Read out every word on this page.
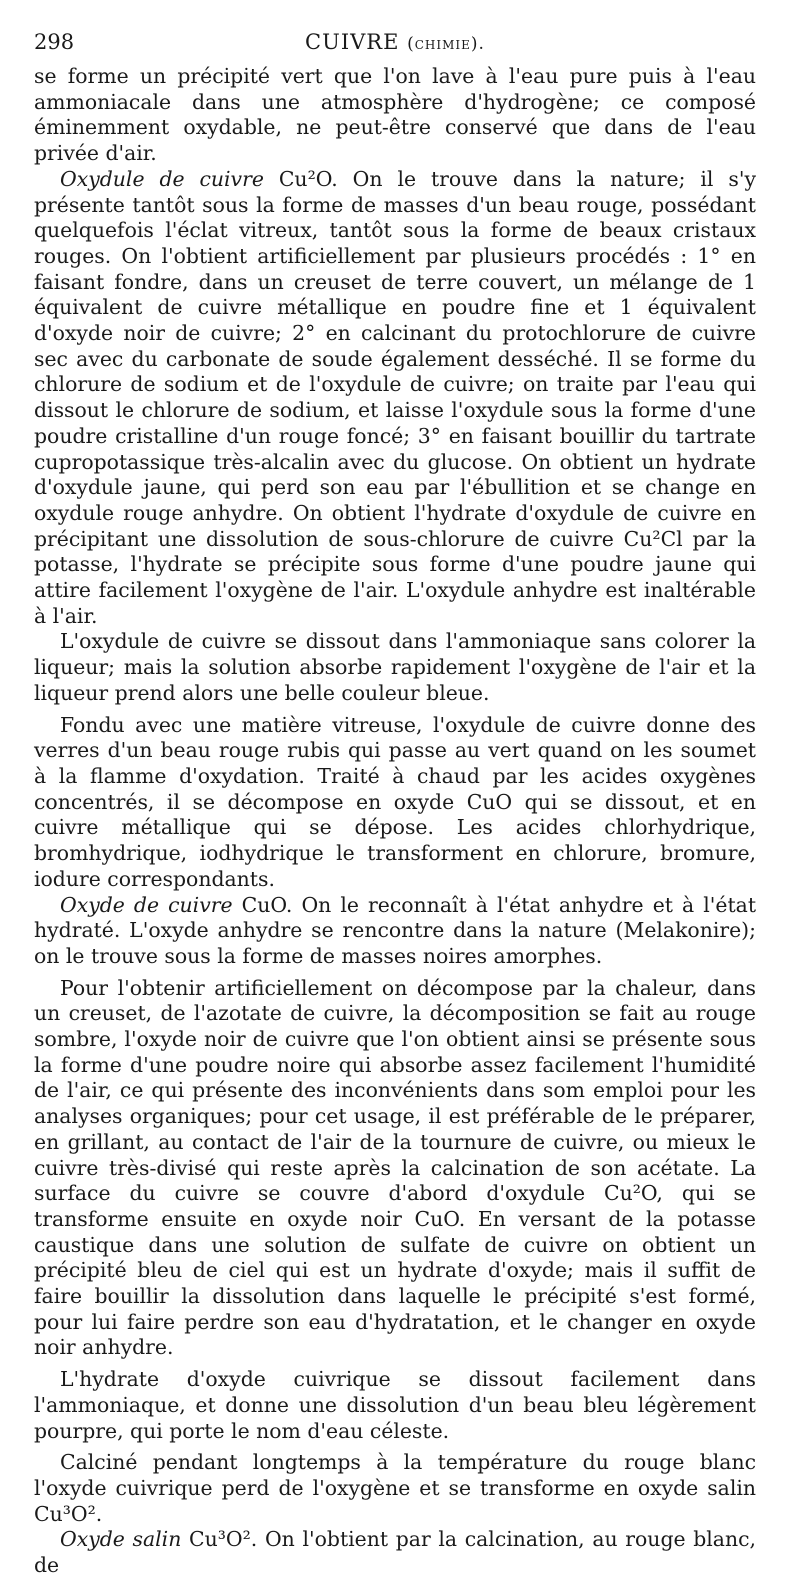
298	CUIVRE (chimie).

se forme un précipité vert que l'on lave à l'eau pure puis à l'eau ammoniacale dans une atmosphère d'hydrogène; ce composé éminemment oxydable, ne peut-être conservé que dans de l'eau privée d'air.

Oxydule de cuivre Cu²O. On le trouve dans la nature; il s'y présente tantôt sous la forme de masses d'un beau rouge, possédant quelquefois l'éclat vitreux, tantôt sous la forme de beaux cristaux rouges. On l'obtient artificiellement par plusieurs procédés : 1° en faisant fondre, dans un creuset de terre couvert, un mélange de 1 équivalent de cuivre métallique en poudre fine et 1 équivalent d'oxyde noir de cuivre; 2° en calcinant du protochlorure de cuivre sec avec du carbonate de soude également desséché. Il se forme du chlorure de sodium et de l'oxydule de cuivre; on traite par l'eau qui dissout le chlorure de sodium, et laisse l'oxydule sous la forme d'une poudre cristalline d'un rouge foncé; 3° en faisant bouillir du tartrate cupropotassique très-alcalin avec du glucose. On obtient un hydrate d'oxydule jaune, qui perd son eau par l'ébullition et se change en oxydule rouge anhydre. On obtient l'hydrate d'oxydule de cuivre en précipitant une dissolution de sous-chlorure de cuivre Cu²Cl par la potasse, l'hydrate se précipite sous forme d'une poudre jaune qui attire facilement l'oxygène de l'air. L'oxydule anhydre est inaltérable à l'air.

L'oxydule de cuivre se dissout dans l'ammoniaque sans colorer la liqueur; mais la solution absorbe rapidement l'oxygène de l'air et la liqueur prend alors une belle couleur bleue.

Fondu avec une matière vitreuse, l'oxydule de cuivre donne des verres d'un beau rouge rubis qui passe au vert quand on les soumet à la flamme d'oxydation. Traité à chaud par les acides oxygènes concentrés, il se décompose en oxyde CuO qui se dissout, et en cuivre métallique qui se dépose. Les acides chlorhydrique, bromhydrique, iodhydrique le transforment en chlorure, bromure, iodure correspondants.

Oxyde de cuivre CuO. On le reconnaît à l'état anhydre et à l'état hydraté. L'oxyde anhydre se rencontre dans la nature (Melakonire); on le trouve sous la forme de masses noires amorphes.

Pour l'obtenir artificiellement on décompose par la chaleur, dans un creuset, de l'azotate de cuivre, la décomposition se fait au rouge sombre, l'oxyde noir de cuivre que l'on obtient ainsi se présente sous la forme d'une poudre noire qui absorbe assez facilement l'humidité de l'air, ce qui présente des inconvénients dans som emploi pour les analyses organiques; pour cet usage, il est préférable de le préparer, en grillant, au contact de l'air de la tournure de cuivre, ou mieux le cuivre très-divisé qui reste après la calcination de son acétate. La surface du cuivre se couvre d'abord d'oxydule Cu²O, qui se transforme ensuite en oxyde noir CuO. En versant de la potasse caustique dans une solution de sulfate de cuivre on obtient un précipité bleu de ciel qui est un hydrate d'oxyde; mais il suffit de faire bouillir la dissolution dans laquelle le précipité s'est formé, pour lui faire perdre son eau d'hydratation, et le changer en oxyde noir anhydre.

L'hydrate d'oxyde cuivrique se dissout facilement dans l'ammoniaque, et donne une dissolution d'un beau bleu légèrement pourpre, qui porte le nom d'eau céleste.

Calciné pendant longtemps à la température du rouge blanc l'oxyde cuivrique perd de l'oxygène et se transforme en oxyde salin Cu³O².

Oxyde salin Cu³O². On l'obtient par la calcination, au rouge blanc, de
